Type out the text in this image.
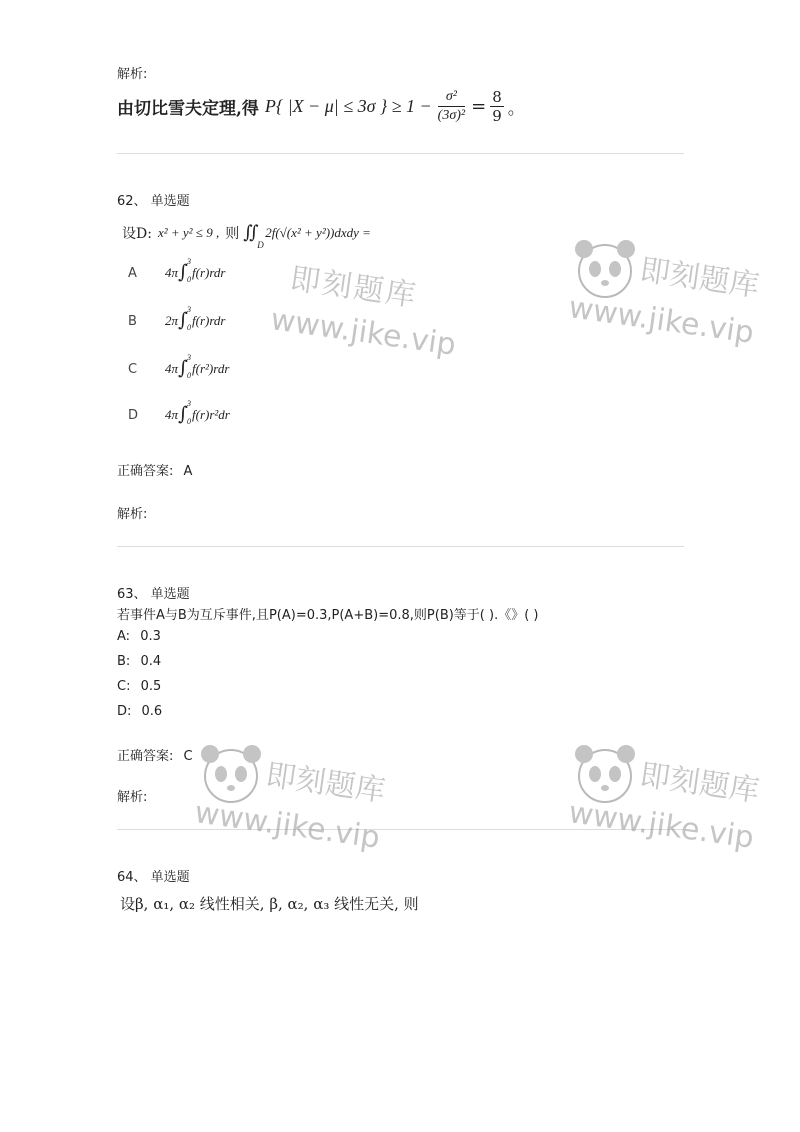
解析:
由切比雪夫定理,得 P{ |X − μ| ≤ 3σ } ≥ $1 - \frac{\text{σ²}}{\text{(3σ)²}} = \frac{8}{9}$ 。
62、 单选题
设D: x² + y² ≤ 9 , 则 ∬
D
2f(√(x² + y²))dxdy =
A	4π ∫ 3
0 f(r)rdr
B	2π ∫ 3
0 f(r)rdr
C	4π ∫ 3
0 f(r²)rdr
D	4π ∫ 3
0 f(r)r²dr
正确答案: A
解析:
63、 单选题
若事件A与B为互斥事件,且P(A)=0.3,P(A+B)=0.8,则P(B)等于( ).《》( )
A: 0.3
B: 0.4
C: 0.5
D: 0.6
正确答案: C
解析:
64、 单选题
设β, α₁, α₂ 线性相关, β, α₂, α₃ 线性无关, 则
即刻题库
www.jike.vip
即刻题库
www.jike.vip
即刻题库
www.jike.vip
即刻题库
www.jike.vip
